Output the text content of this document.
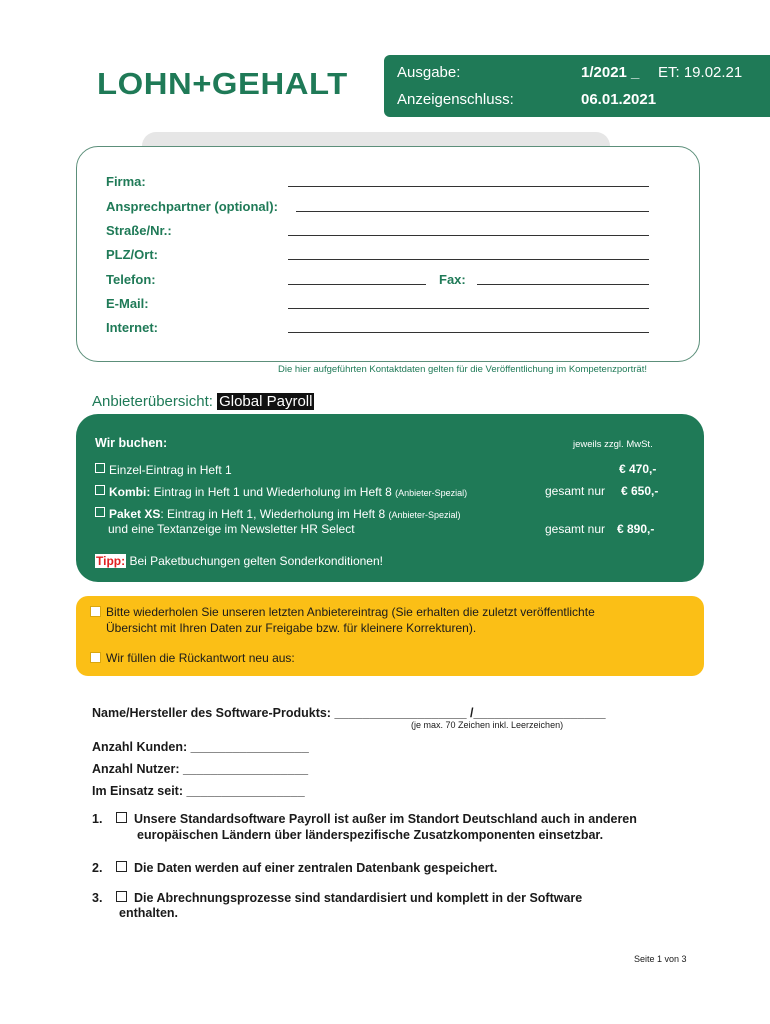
LOHN+GEHALT	Ausgabe:	1/2021 _ ET: 19.02.21
Anzeigenschluss:	06.01.2021
Firma:
Ansprechpartner (optional):
Straße/Nr.:
PLZ/Ort:
Telefon:	Fax:
E-Mail:
Internet:
Die hier aufgeführten Kontaktdaten gelten für die Veröffentlichung im Kompetenzporträt!
Anbieterübersicht: Global Payroll
Wir buchen:	jeweils zzgl. MwSt.
Einzel-Eintrag in Heft 1	€ 470,-
Kombi: Eintrag in Heft 1 und Wiederholung im Heft 8 (Anbieter-Spezial)	gesamt nur € 650,-
Paket XS: Eintrag in Heft 1, Wiederholung im Heft 8 (Anbieter-Spezial)
und eine Textanzeige im Newsletter HR Select	gesamt nur € 890,-
Tipp: Bei Paketbuchungen gelten Sonderkonditionen!
Bitte wiederholen Sie unseren letzten Anbietereintrag (Sie erhalten die zuletzt veröffentlichte
Übersicht mit Ihren Daten zur Freigabe bzw. für kleinere Korrekturen).
Wir füllen die Rückantwort neu aus:
Name/Hersteller des Software-Produkts: ___________________ /___________________
(je max. 70 Zeichen inkl. Leerzeichen)
Anzahl Kunden: _________________
Anzahl Nutzer: __________________
Im Einsatz seit: _________________
1.	Unsere Standardsoftware Payroll ist außer im Standort Deutschland auch in anderen
europäischen Ländern über länderspezifische Zusatzkomponenten einsetzbar.
2.	Die Daten werden auf einer zentralen Datenbank gespeichert.
3.	Die Abrechnungsprozesse sind standardisiert und komplett in der Software
enthalten.
Seite 1 von 3
